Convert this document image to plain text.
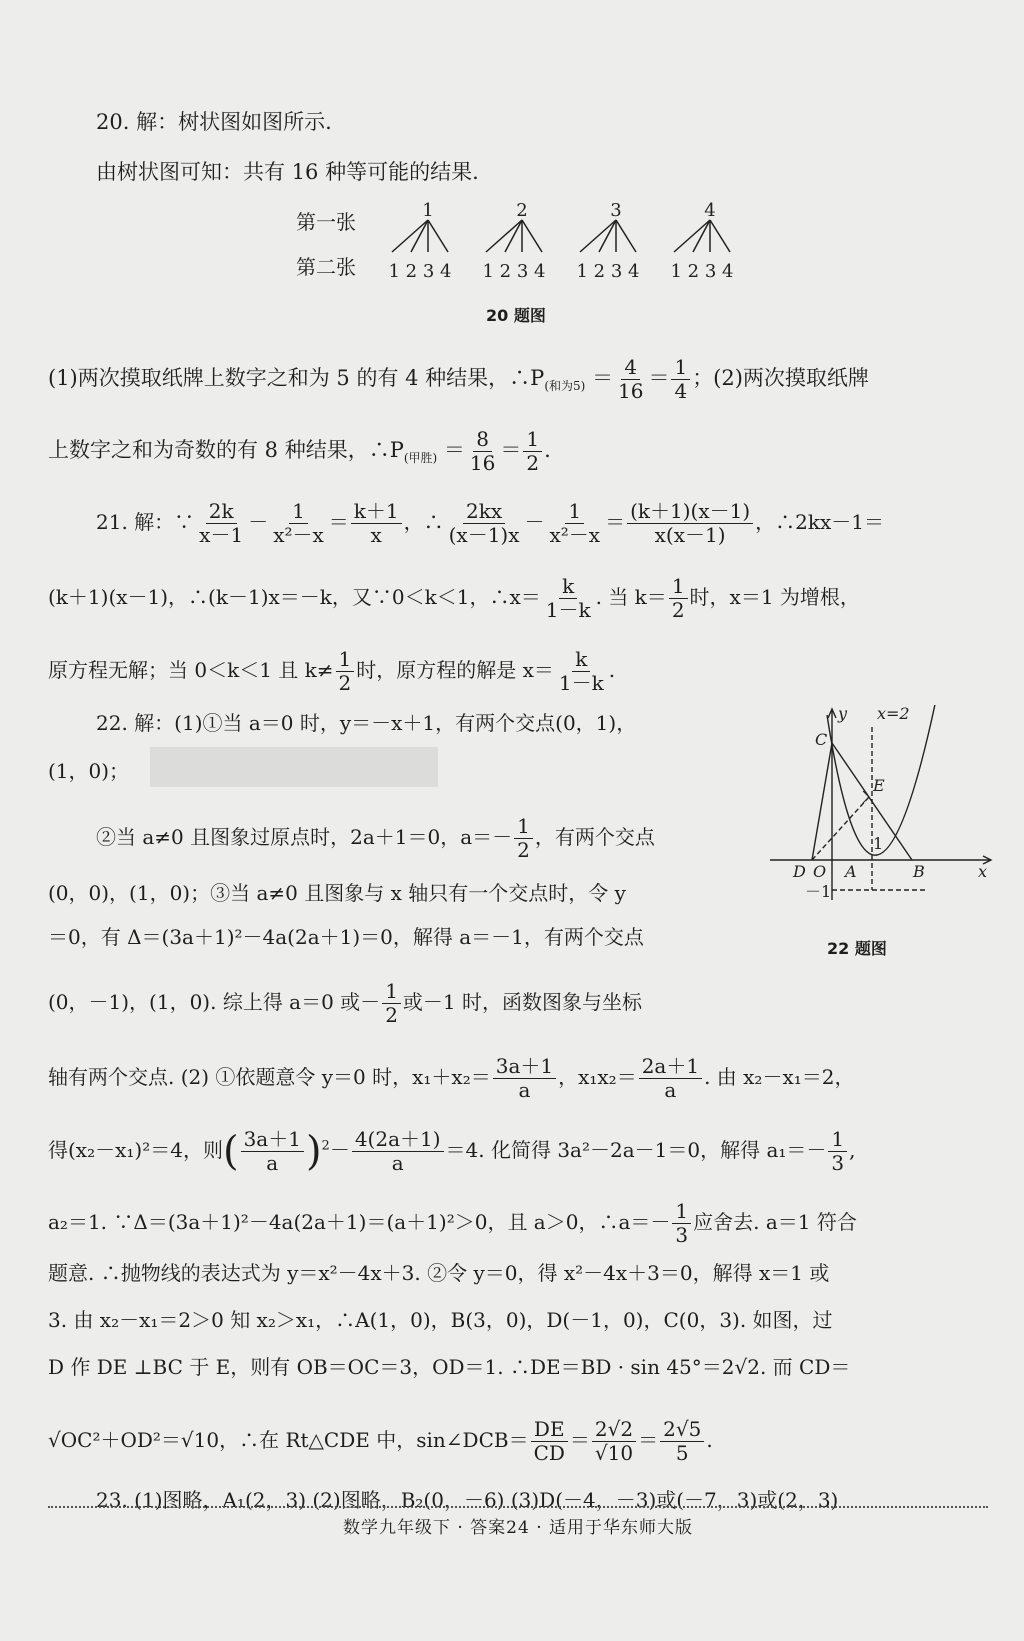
20. 解：树状图如图所示.
由树状图可知：共有 16 种等可能的结果.
第一张
第二张
1	2	3	4
1 2 3 4 1 2 3 4 1 2 3 4 1 2 3 4
20 题图
(1)两次摸取纸牌上数字之和为 5 的有 4 种结果，$\therefore P_{(和为5)} = \frac{4}{16} = \frac{1}{4}$ ；(2)两次摸取纸牌
上数字之和为奇数的有 8 种结果，$\therefore P_{(甲胜)} = \frac{8}{16} = \frac{1}{2}$ .
21. 解：∵ $\frac{2k}{x-1} - \frac{1}{\text{x²－x}} = \frac{k+1}{x}$ ，∴ $\frac{2kx}{(x-1)x} - \frac{1}{\text{x²－x}} = \frac{(k+1)(x-1)}{x(x-1)}$ ，∴2kx－1＝
(k＋1)(x－1)，∴(k－1)x＝－k，又∵0＜k＜1，∴x＝ $\frac{k}{1-k}$ . 当 $k= \frac{1}{2}$ 时，x＝1 为增根，
原方程无解；当 0＜k＜1 且 $k\ne \frac{1}{2}$ 时，原方程的解是 $x= \frac{k}{1-k}$ .
22. 解：(1)①当 a＝0 时，y＝－x＋1，有两个交点(0，1)，
(1，0)；
②当 a≠0 且图象过原点时，2a＋1＝0，$a=- \frac{1}{2}$ ，有两个交点
(0，0)，(1，0)；③当 a≠0 且图象与 x 轴只有一个交点时，令 y
＝0，有 Δ＝(3a＋1)²－4a(2a＋1)＝0，解得 a＝－1，有两个交点
(0，－1)，(1，0). 综上得 a＝0 或－ $\frac{1}{2}$ 或－1 时，函数图象与坐标
轴有两个交点. (2) ①依题意令 y＝0 时，$x_1+x_2= \frac{3a+1}{a}$ ，$x_1x_2= \frac{2a+1}{a}$ . 由 x₂－x₁＝2，
得(x₂－x₁)²＝4，则( $\frac{3a+1}{a} )^2- \frac{4(2a+1)}{a} =4$. 化简得 3a²－2a－1＝0，解得 $a_1=- \frac{1}{3}$ ,
a₂＝1. ∵Δ＝(3a＋1)²－4a(2a＋1)＝(a＋1)²＞0，且 a＞0，∴a＝－ $\frac{1}{3}$ 应舍去. a＝1 符合
题意. ∴抛物线的表达式为 y＝x²－4x＋3. ②令 y＝0，得 x²－4x＋3＝0，解得 x＝1 或
3. 由 x₂－x₁＝2＞0 知 x₂＞x₁，∴A(1，0)，B(3，0)，D(－1，0)，C(0，3). 如图，过
D 作 DE ⊥BC 于 E，则有 OB＝OC＝3，OD＝1. ∴DE＝BD · sin 45°＝2√2. 而 CD＝
√OC²＋OD²＝√10，∴在 Rt△CDE 中，sin∠DCB＝ $\frac{DE}{CD} = \frac{2√2}{√10} = \frac{2√5}{5}$ .
y
x
x=2
C
E
D O A	B
1
－1
22 题图
23. (1)图略，A₁(2，3) (2)图略，B₂(0，－6) (3)D(－4，－3)或(－7，3)或(2，3)
数学九年级下 · 答案24 · 适用于华东师大版
